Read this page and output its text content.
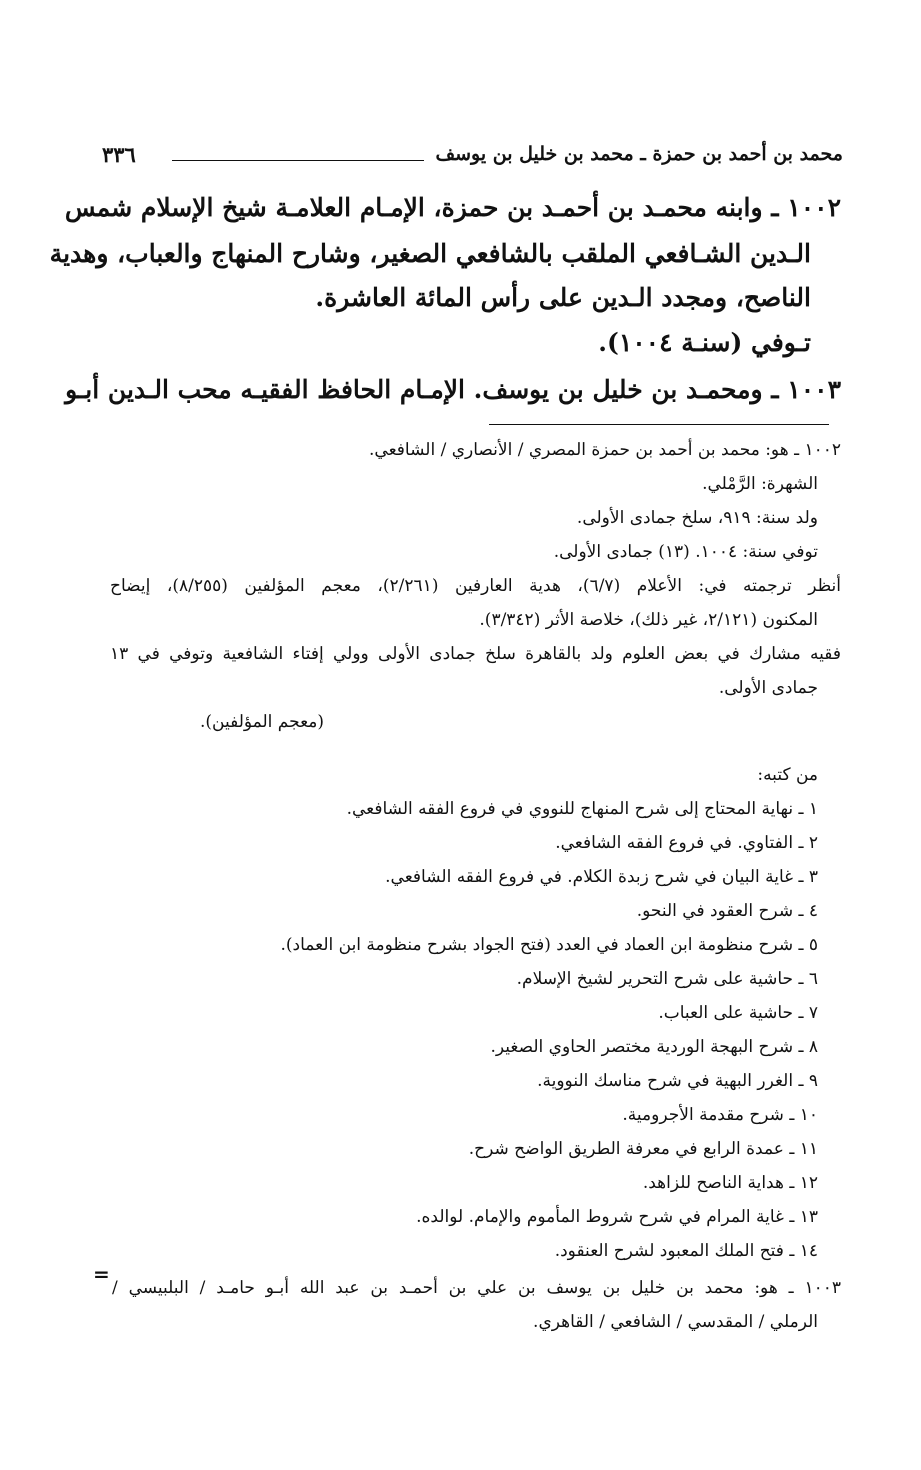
محمد بن أحمد بن حمزة ـ محمد بن خليل بن يوسف
٣٣٦
١٠٠٢ ـ وابنه محمـد بن أحمـد بن حمزة، الإمـام العلامـة شيخ الإسلام شمس
الـدين الشـافعي الملقب بالشافعي الصغير، وشارح المنهاج والعباب، وهدية
الناصح، ومجدد الـدين على رأس المائة العاشرة.
تـوفي (سنـة ١٠٠٤).
١٠٠٣ ـ ومحمـد بن خليل بن يوسف. الإمـام الحافظ الفقيـه محب الـدين أبـو
١٠٠٢ ـ هو: محمد بن أحمد بن حمزة المصري / الأنصاري / الشافعي.
الشهرة: الرَّمْلي.
ولد سنة: ٩١٩، سلخ جمادى الأولى.
توفي سنة: ١٠٠٤. (١٣) جمادى الأولى.
أنظر ترجمته في: الأعلام (٦/٧)، هدية العارفين (٢/٢٦١)، معجم المؤلفين (٨/٢٥٥)، إيضاح
المكنون (٢/١٢١، غير ذلك)، خلاصة الأثر (٣/٣٤٢).
فقيه مشارك في بعض العلوم ولد بالقاهرة سلخ جمادى الأولى وولي إفتاء الشافعية وتوفي في ١٣
جمادى الأولى.
(معجم المؤلفين).
من كتبه:
١ ـ نهاية المحتاج إلى شرح المنهاج للنووي في فروع الفقه الشافعي.
٢ ـ الفتاوي. في فروع الفقه الشافعي.
٣ ـ غاية البيان في شرح زبدة الكلام. في فروع الفقه الشافعي.
٤ ـ شرح العقود في النحو.
٥ ـ شرح منظومة ابن العماد في العدد (فتح الجواد بشرح منظومة ابن العماد).
٦ ـ حاشية على شرح التحرير لشيخ الإسلام.
٧ ـ حاشية على العباب.
٨ ـ شرح البهجة الوردية مختصر الحاوي الصغير.
٩ ـ الغرر البهية في شرح مناسك النووية.
١٠ ـ شرح مقدمة الأجرومية.
١١ ـ عمدة الرابع في معرفة الطريق الواضح شرح.
١٢ ـ هداية الناصح للزاهد.
١٣ ـ غاية المرام في شرح شروط المأموم والإمام. لوالده.
١٤ ـ فتح الملك المعبود لشرح العنقود.
١٠٠٣ ـ هو: محمد بن خليل بن يوسف بن علي بن أحمـد بن عبد الله أبـو حامـد / البلبيسي /
الرملي / المقدسي / الشافعي / القاهري.
=
